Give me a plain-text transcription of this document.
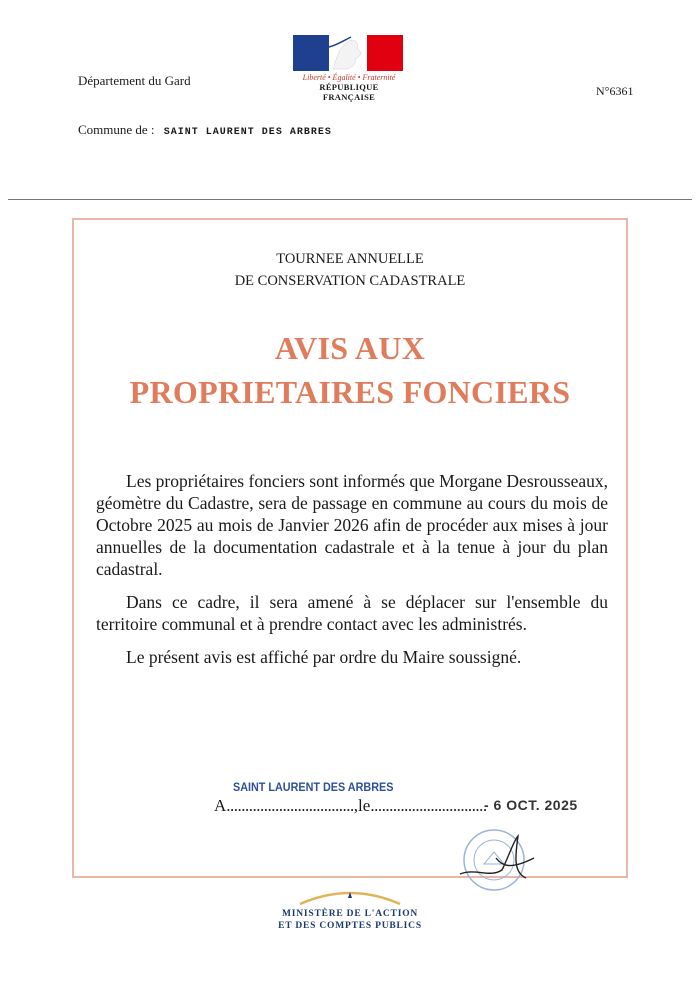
Département du Gard	Liberté • Égalité • Fraternité
RÉPUBLIQUE FRANÇAISE	N°6361
Commune de : SAINT LAURENT DES ARBRES
TOURNEE ANNUELLE
DE CONSERVATION CADASTRALE
AVIS AUX
PROPRIETAIRES FONCIERS

Les propriétaires fonciers sont informés que Morgane Desrousseaux, géomètre du Cadastre, sera de passage en commune au cours du mois de Octobre 2025 au mois de Janvier 2026 afin de procéder aux mises à jour annuelles de la documentation cadastrale et à la tenue à jour du plan cadastral.

Dans ce cadre, il sera amené à se déplacer sur l'ensemble du territoire communal et à prendre contact avec les administrés.

Le présent avis est affiché par ordre du Maire soussigné.

A..................................,le...............................
SAINT LAURENT DES ARBRES
- 6 OCT. 2025
MINISTÈRE DE L'ACTION
ET DES COMPTES PUBLICS
